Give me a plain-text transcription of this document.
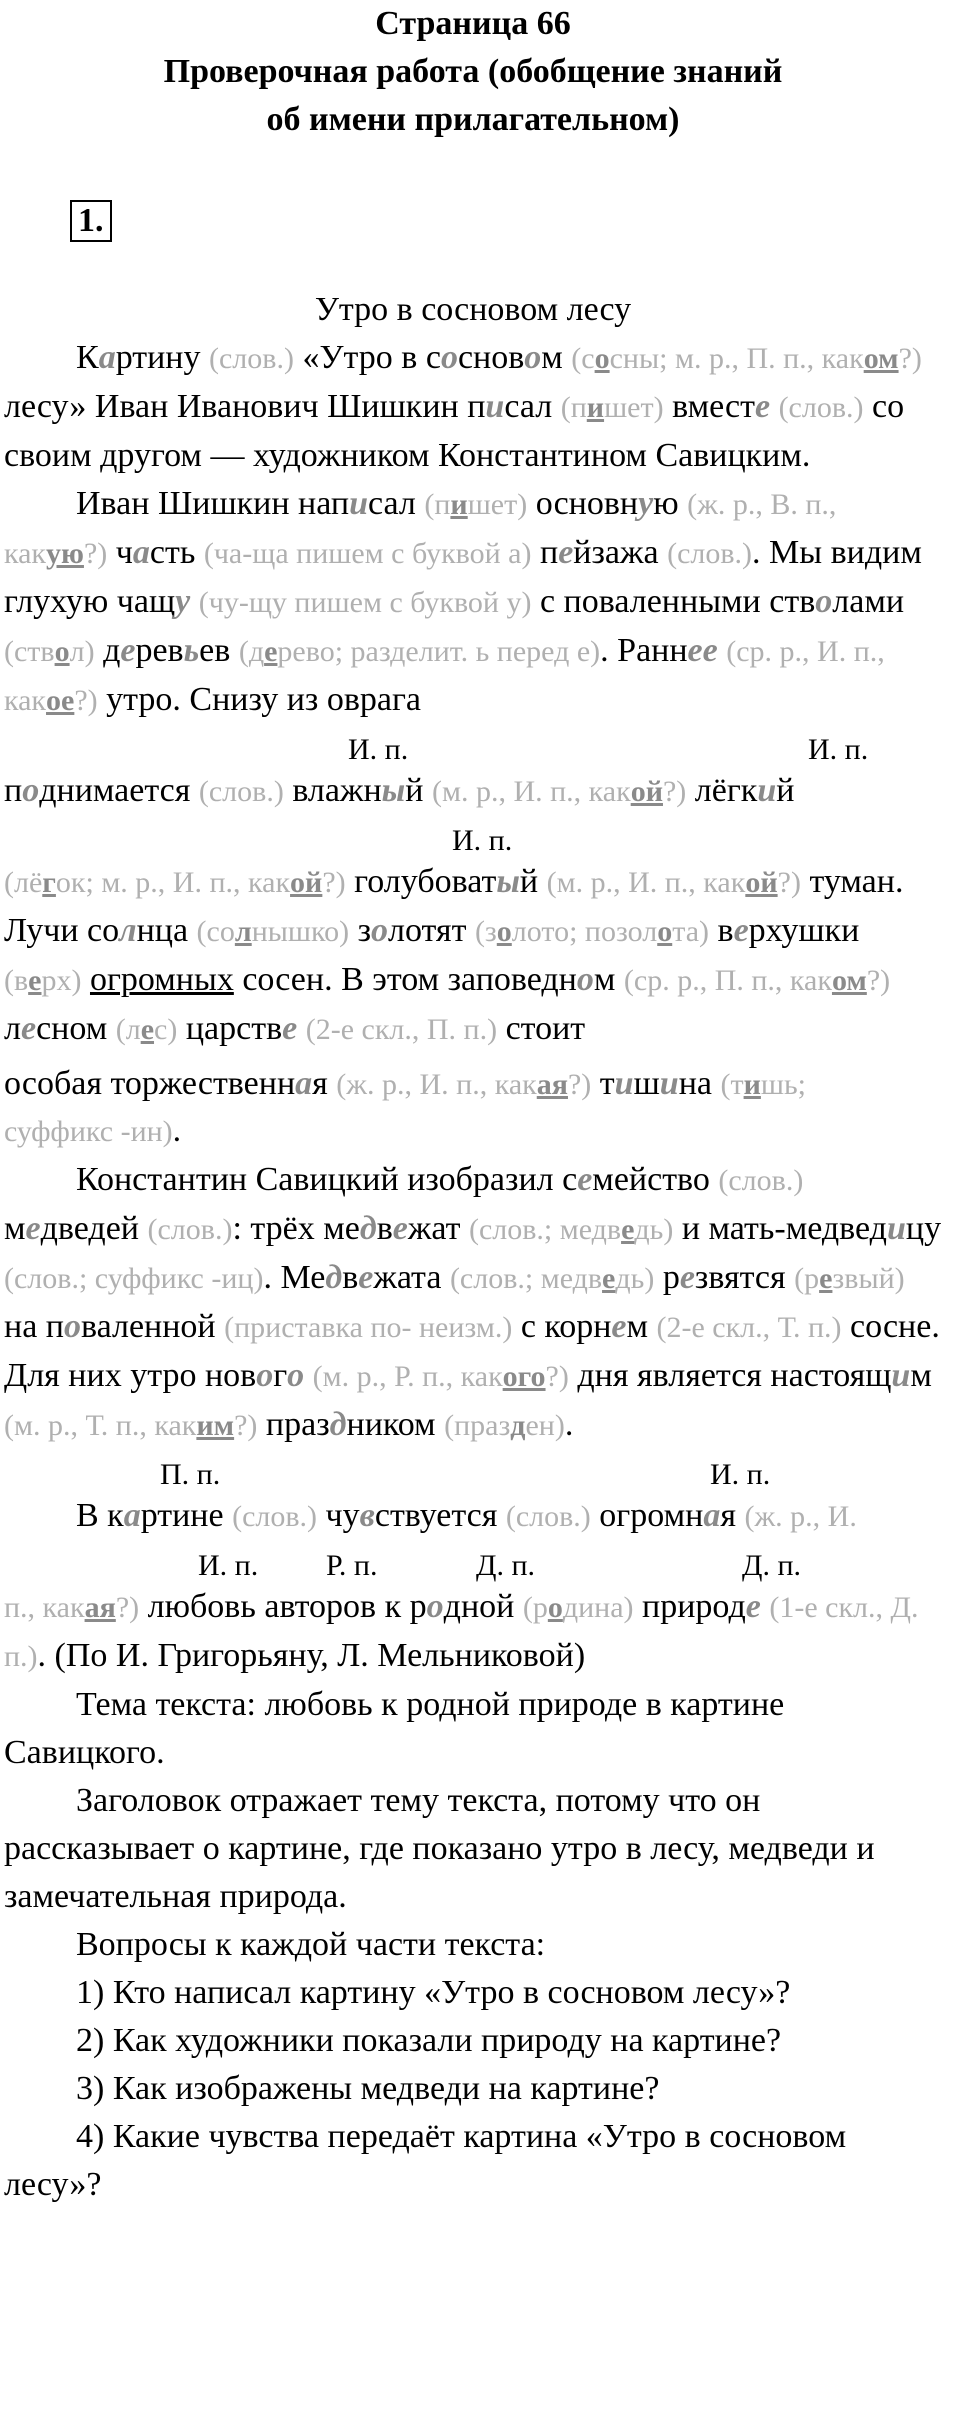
Страница 66
Проверочная работа (обобщение знаний
об имени прилагательном)
1.
Утро в сосновом лесу

Картину (слов.) «Утро в сосновом (сосны; м. р., П. п., каком?) лесу» Иван Иванович Шишкин писал (пишет) вместе (слов.) со своим другом — художником Константином Савицким.

Иван Шишкин написал (пишет) основную (ж. р., В. п., какую?) часть (ча-ща пишем с буквой а) пейзажа (слов.). Мы видим глухую чащу (чу-щу пишем с буквой у) с поваленными стволами (ствол) деревьев (дерево; разделит. ь перед е). Раннее (ср. р., И. п., какое?) утро. Снизу из оврага

И. п.	И. п.

поднимается (слов.) влажный (м. р., И. п., какой?) лёгкий

И. п.

(лёгок; м. р., И. п., какой?) голубоватый (м. р., И. п., какой?) туман. Лучи солнца (солнышко) золотят (золото; позолота) верхушки (верх) огромных сосен. В этом заповедном (ср. р., П. п., каком?) лесном (лес) царстве (2-е скл., П. п.) стоит

особая торжественная (ж. р., И. п., какая?) тишина (тишь;

суффикс -ин).

Константин Савицкий изобразил семейство (слов.) медведей (слов.): трёх медвежат (слов.; медведь) и мать-медведицу (слов.; суффикс -иц). Медвежата (слов.; медведь) резвятся (резвый) на поваленной (приставка по- неизм.) с корнем (2-е скл., Т. п.) сосне. Для них утро нового (м. р., Р. п., какого?) дня является настоящим (м. р., Т. п., каким?) праздником (празден).

П. п.	И. п.

В картине (слов.) чувствуется (слов.) огромная (ж. р., И.

И. п. Р. п.	Д. п.	Д. п.

п., какая?) любовь авторов к родной (родина) природе (1-е скл., Д. п.). (По И. Григорьяну, Л. Мельниковой)

Тема текста: любовь к родной природе в картине Савицкого.

Заголовок отражает тему текста, потому что он рассказывает о картине, где показано утро в лесу, медведи и замечательная природа.

Вопросы к каждой части текста:

1) Кто написал картину «Утро в сосновом лесу»?

2) Как художники показали природу на картине?

3) Как изображены медведи на картине?

4) Какие чувства передаёт картина «Утро в сосновом лесу»?
